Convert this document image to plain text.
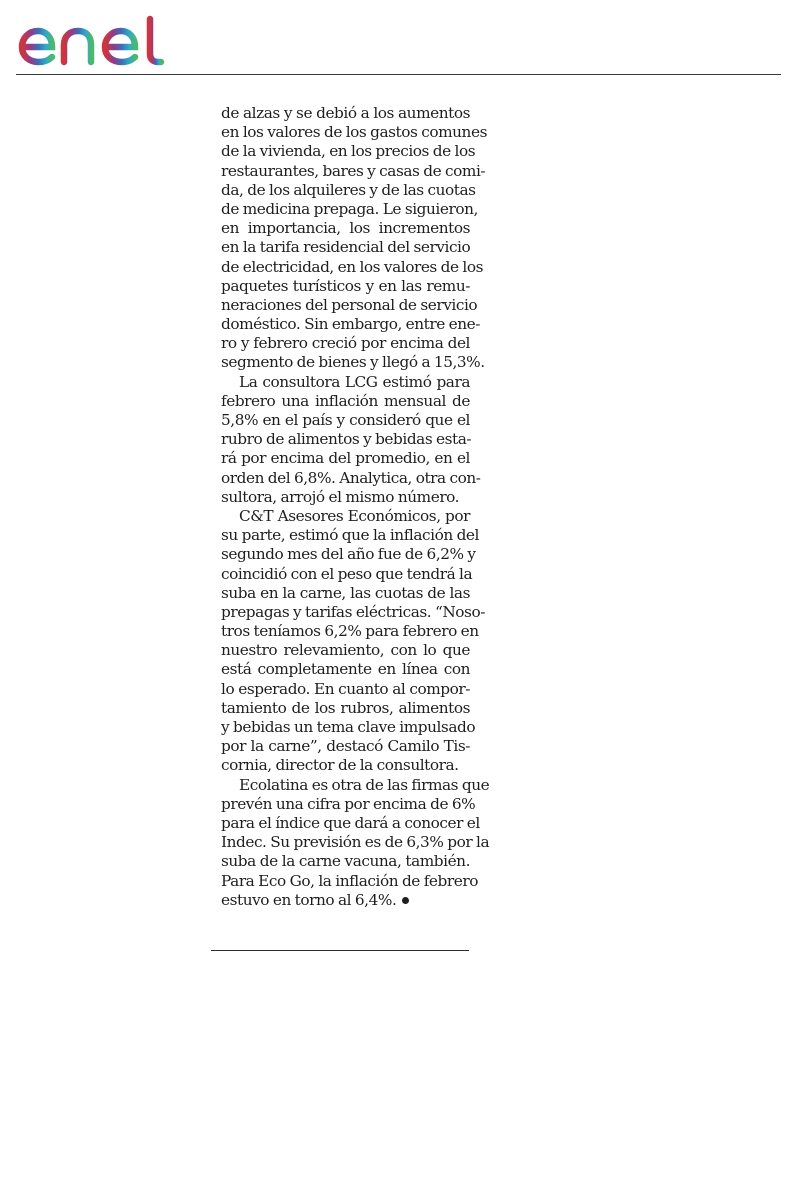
de alzas y se debió a los aumentos
en los valores de los gastos comunes
de la vivienda, en los precios de los
restaurantes, bares y casas de comi-
da, de los alquileres y de las cuotas
de medicina prepaga. Le siguieron,
en importancia, los incrementos
en la tarifa residencial del servicio
de electricidad, en los valores de los
paquetes turísticos y en las remu-
neraciones del personal de servicio
doméstico. Sin embargo, entre ene-
ro y febrero creció por encima del
segmento de bienes y llegó a 15,3%.
La consultora LCG estimó para
febrero una inflación mensual de
5,8% en el país y consideró que el
rubro de alimentos y bebidas esta-
rá por encima del promedio, en el
orden del 6,8%. Analytica, otra con-
sultora, arrojó el mismo número.
C&T Asesores Económicos, por
su parte, estimó que la inflación del
segundo mes del año fue de 6,2% y
coincidió con el peso que tendrá la
suba en la carne, las cuotas de las
prepagas y tarifas eléctricas. “Noso-
tros teníamos 6,2% para febrero en
nuestro relevamiento, con lo que
está completamente en línea con
lo esperado. En cuanto al compor-
tamiento de los rubros, alimentos
y bebidas un tema clave impulsado
por la carne”, destacó Camilo Tis-
cornia, director de la consultora.
Ecolatina es otra de las firmas que
prevén una cifra por encima de 6%
para el índice que dará a conocer el
Indec. Su previsión es de 6,3% por la
suba de la carne vacuna, también.
Para Eco Go, la inflación de febrero
estuvo en torno al 6,4%.
